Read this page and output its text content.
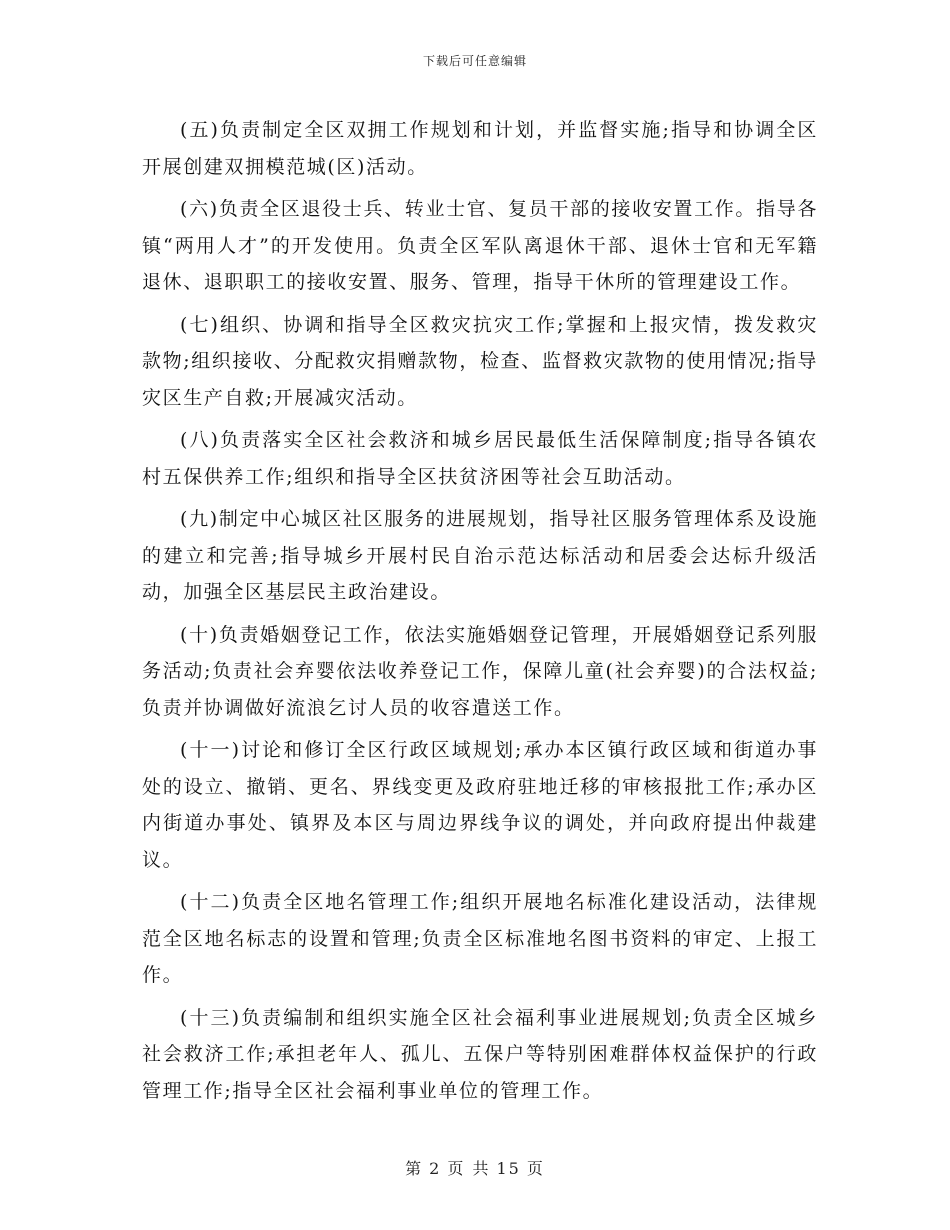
下载后可任意编辑

(五)负责制定全区双拥工作规划和计划，并监督实施;指导和协调全区开展创建双拥模范城(区)活动。

(六)负责全区退役士兵、转业士官、复员干部的接收安置工作。指导各镇“两用人才”的开发使用。负责全区军队离退休干部、退休士官和无军籍退休、退职职工的接收安置、服务、管理，指导干休所的管理建设工作。

(七)组织、协调和指导全区救灾抗灾工作;掌握和上报灾情，拨发救灾款物;组织接收、分配救灾捐赠款物，检查、监督救灾款物的使用情况;指导灾区生产自救;开展减灾活动。

(八)负责落实全区社会救济和城乡居民最低生活保障制度;指导各镇农村五保供养工作;组织和指导全区扶贫济困等社会互助活动。

(九)制定中心城区社区服务的进展规划，指导社区服务管理体系及设施的建立和完善;指导城乡开展村民自治示范达标活动和居委会达标升级活动，加强全区基层民主政治建设。

(十)负责婚姻登记工作，依法实施婚姻登记管理，开展婚姻登记系列服务活动;负责社会弃婴依法收养登记工作，保障儿童(社会弃婴)的合法权益;负责并协调做好流浪乞讨人员的收容遣送工作。

(十一)讨论和修订全区行政区域规划;承办本区镇行政区域和街道办事处的设立、撤销、更名、界线变更及政府驻地迁移的审核报批工作;承办区内街道办事处、镇界及本区与周边界线争议的调处，并向政府提出仲裁建议。

(十二)负责全区地名管理工作;组织开展地名标准化建设活动，法律规范全区地名标志的设置和管理;负责全区标准地名图书资料的审定、上报工作。

(十三)负责编制和组织实施全区社会福利事业进展规划;负责全区城乡社会救济工作;承担老年人、孤儿、五保户等特别困难群体权益保护的行政管理工作;指导全区社会福利事业单位的管理工作。

第 2 页 共 15 页
